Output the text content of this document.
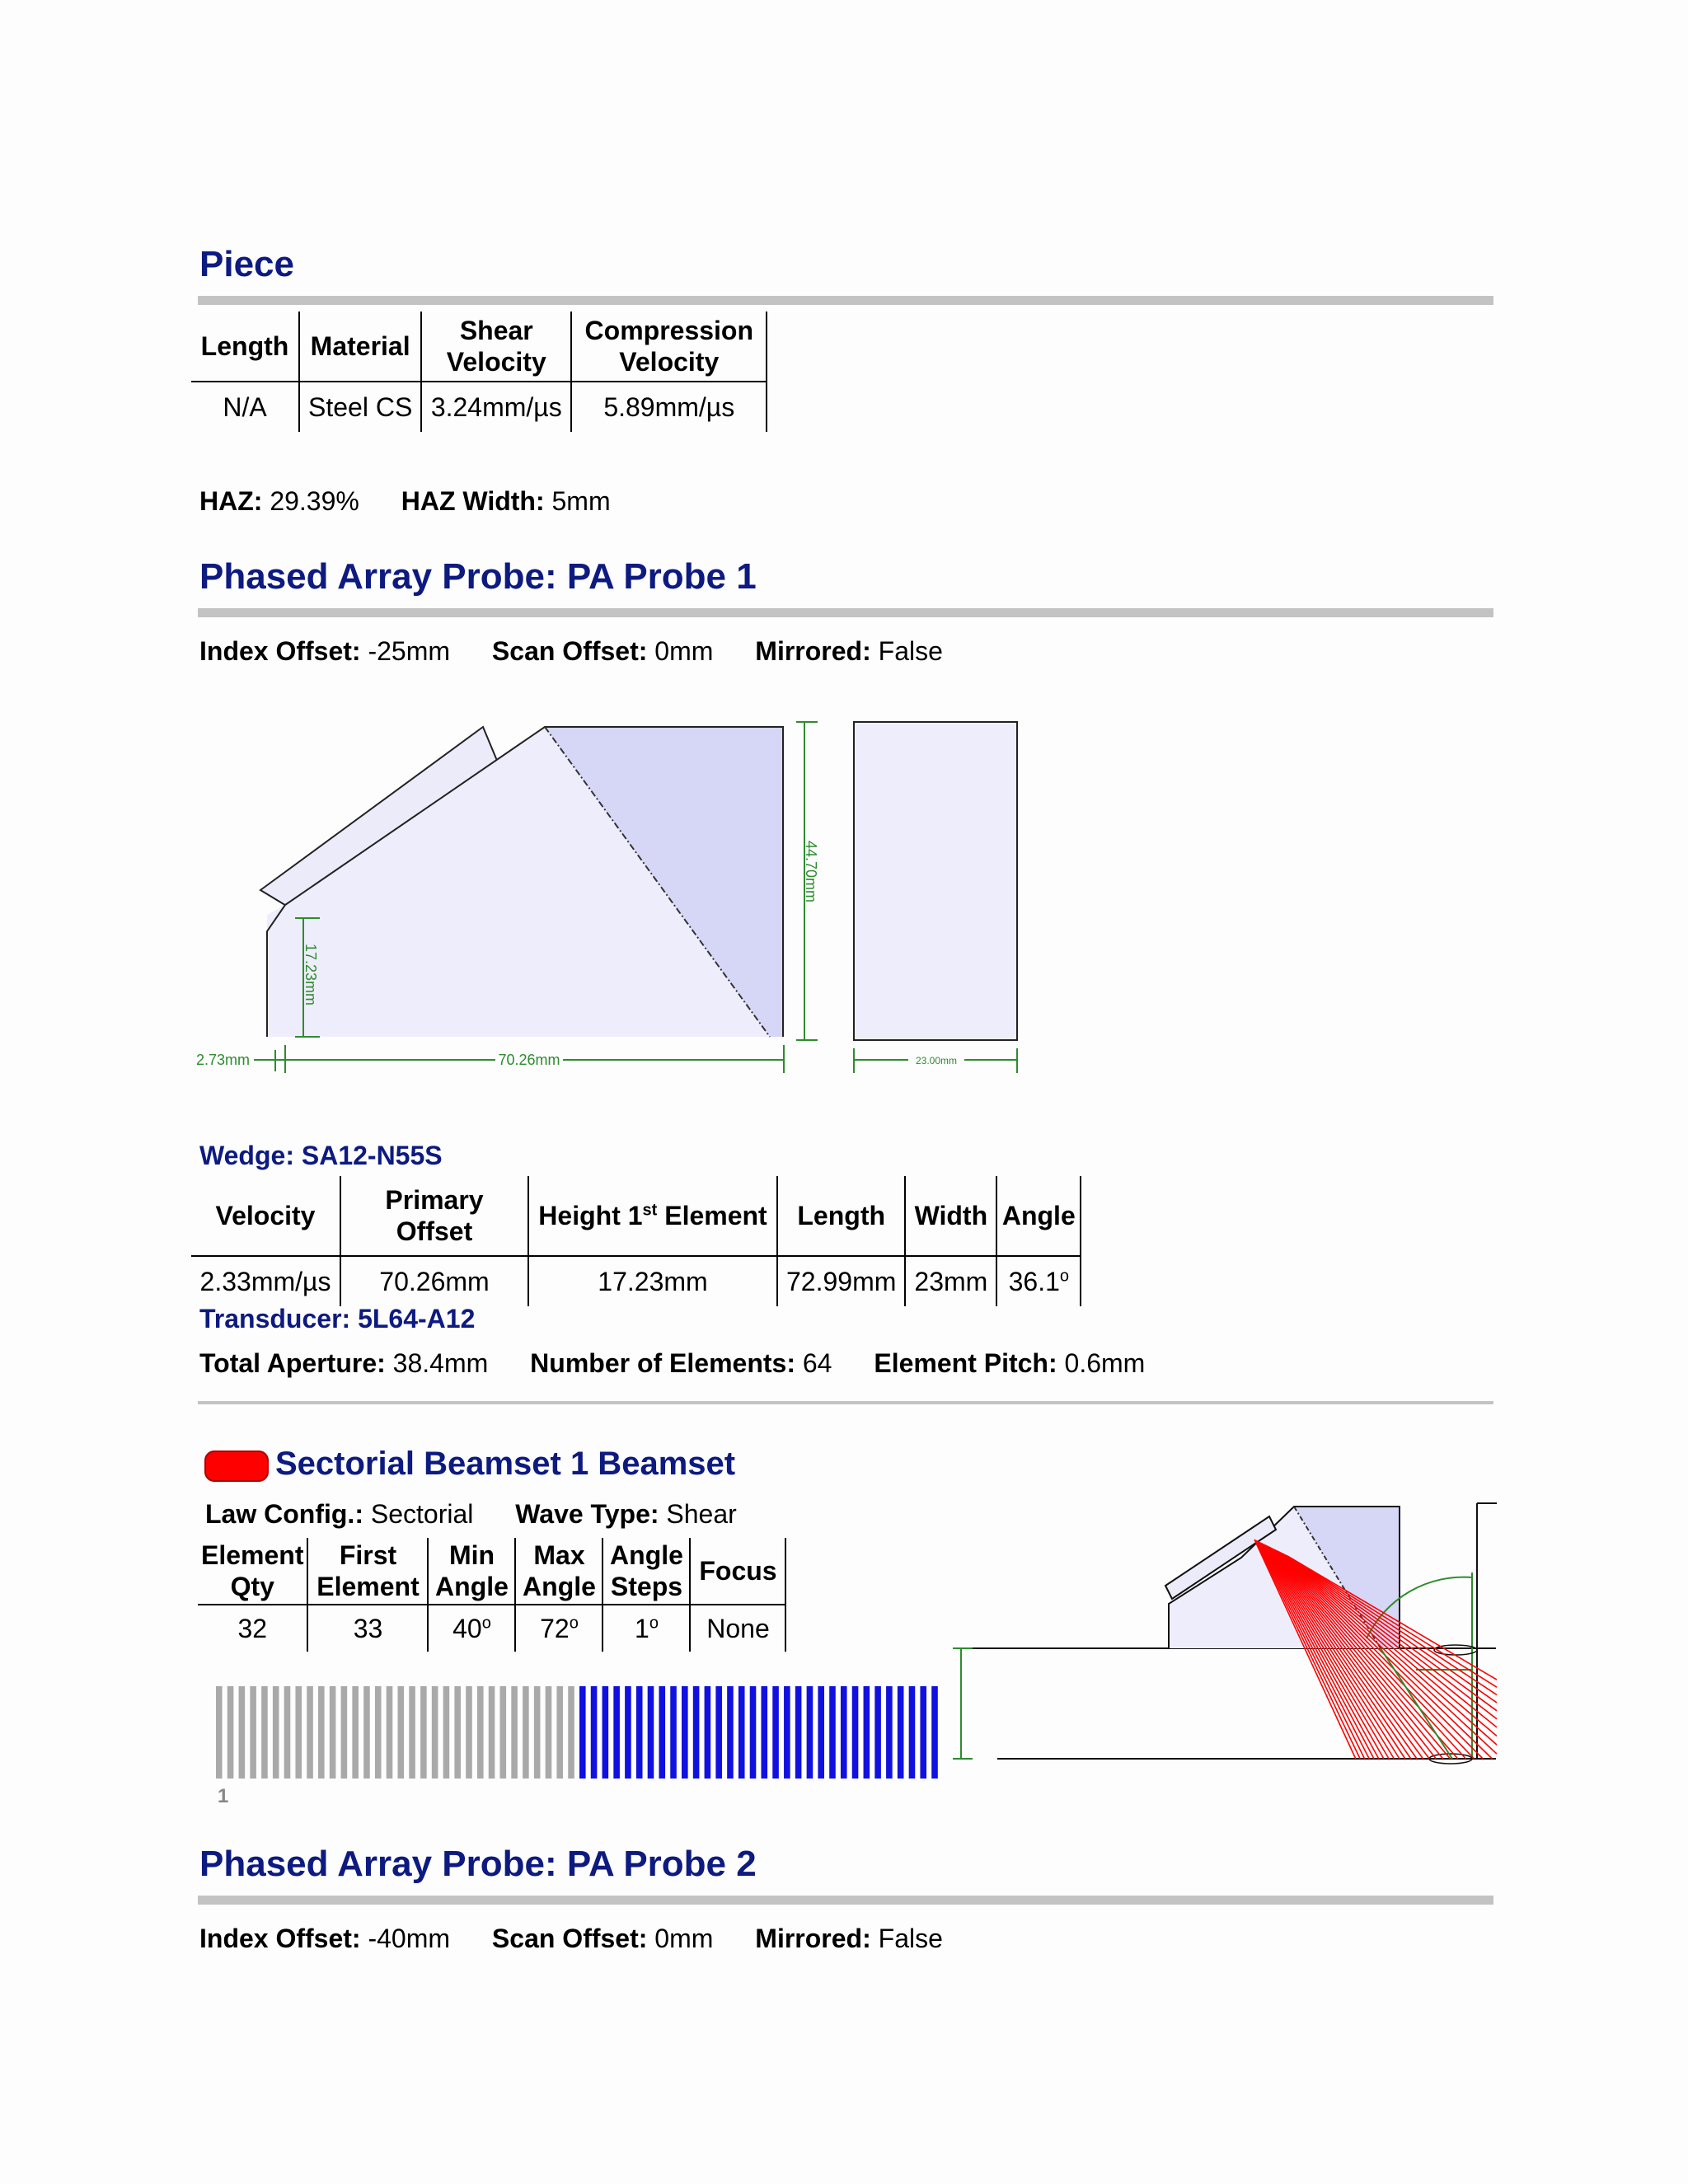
Piece
Length	Material	Shear Velocity	Compression Velocity
N/A	Steel CS	3.24mm/µs	5.89mm/µs
HAZ: 29.39% HAZ Width: 5mm
Phased Array Probe: PA Probe 1
Index Offset: -25mm Scan Offset: 0mm Mirrored: False
44.70mm
17.23mm
70.26mm
2.73mm	23.00mm
Wedge: SA12-N55S
Velocity	Primary Offset	Height 1st Element	Length	Width	Angle
2.33mm/µs	70.26mm	17.23mm	72.99mm	23mm	36.1$^o$
Transducer: 5L64-A12
Total Aperture: 38.4mm Number of Elements: 64 Element Pitch: 0.6mm
Sectorial Beamset 1 Beamset
Law Config.: Sectorial Wave Type: Shear
Element Qty	First Element	Min Angle	Max Angle	Angle Steps	Focus
32	33	40$^o$	72$^o$	1$^o$	None
1
Phased Array Probe: PA Probe 2
Index Offset: -40mm Scan Offset: 0mm Mirrored: False
